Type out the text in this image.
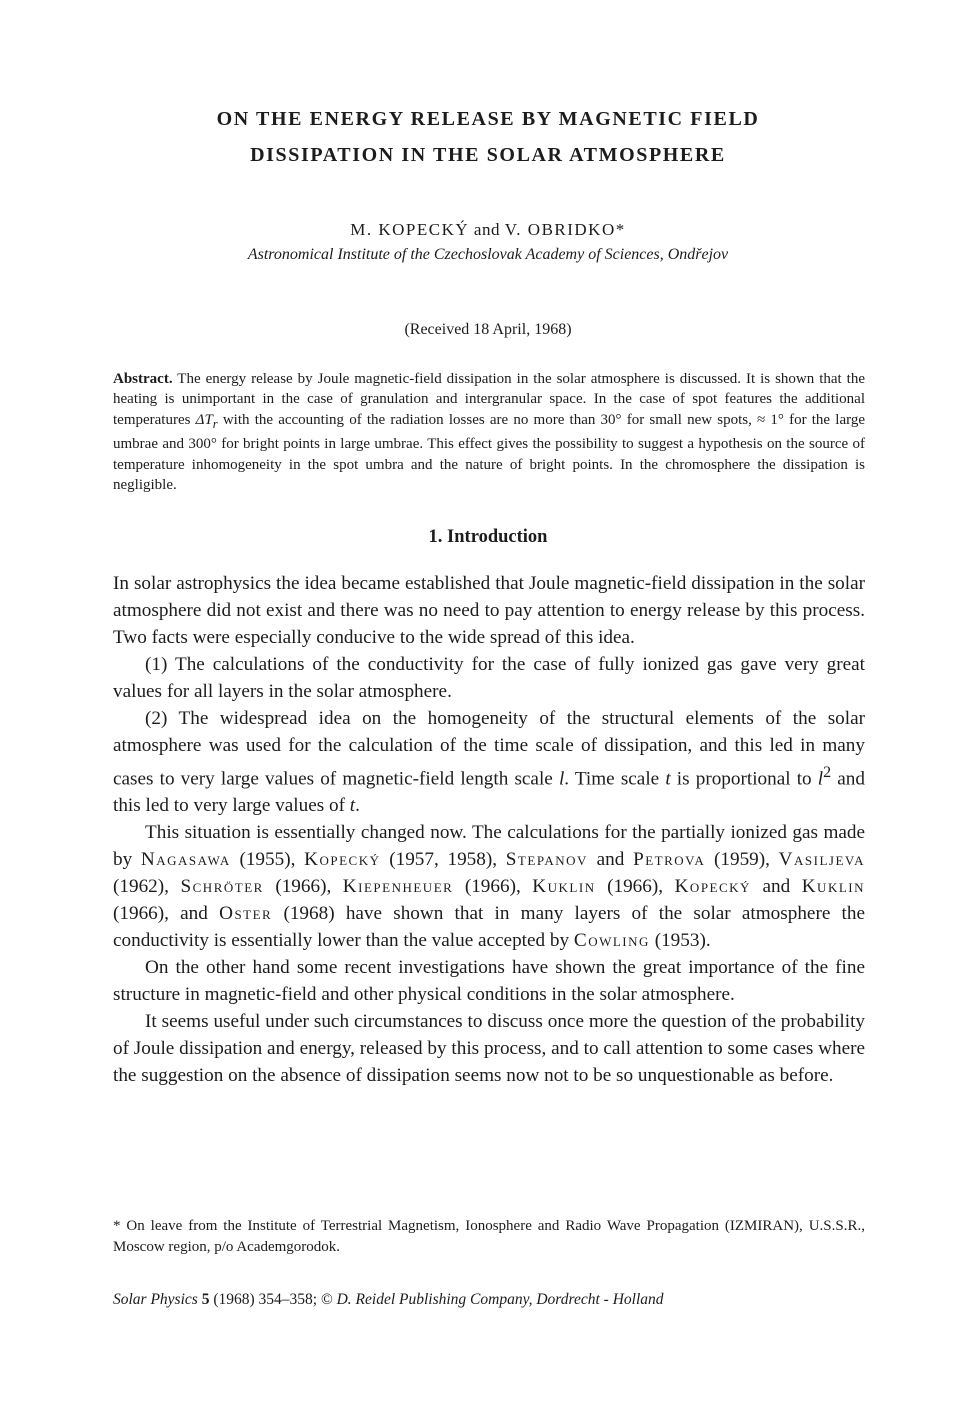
ON THE ENERGY RELEASE BY MAGNETIC FIELD
DISSIPATION IN THE SOLAR ATMOSPHERE
M. KOPECKÝ and V. OBRIDKO*
Astronomical Institute of the Czechoslovak Academy of Sciences, Ondřejov
(Received 18 April, 1968)
Abstract. The energy release by Joule magnetic-field dissipation in the solar atmosphere is discussed. It is shown that the heating is unimportant in the case of granulation and intergranular space. In the case of spot features the additional temperatures $\Delta T_r$ with the accounting of the radiation losses are no more than 30° for small new spots, ≈ 1° for the large umbrae and 300° for bright points in large umbrae. This effect gives the possibility to suggest a hypothesis on the source of temperature inhomogeneity in the spot umbra and the nature of bright points. In the chromosphere the dissipation is negligible.
1. Introduction

In solar astrophysics the idea became established that Joule magnetic-field dissipation in the solar atmosphere did not exist and there was no need to pay attention to energy release by this process. Two facts were especially conducive to the wide spread of this idea.

(1) The calculations of the conductivity for the case of fully ionized gas gave very great values for all layers in the solar atmosphere.

(2) The widespread idea on the homogeneity of the structural elements of the solar atmosphere was used for the calculation of the time scale of dissipation, and this led in many cases to very large values of magnetic-field length scale l. Time scale t is proportional to $l^2$ and this led to very large values of t.

This situation is essentially changed now. The calculations for the partially ionized gas made by Nagasawa (1955), Kopecký (1957, 1958), Stepanov and Petrova (1959), Vasiljeva (1962), Schröter (1966), Kiepenheuer (1966), Kuklin (1966), Kopecký and Kuklin (1966), and Oster (1968) have shown that in many layers of the solar atmosphere the conductivity is essentially lower than the value accepted by Cowling (1953).

On the other hand some recent investigations have shown the great importance of the fine structure in magnetic-field and other physical conditions in the solar atmosphere.

It seems useful under such circumstances to discuss once more the question of the probability of Joule dissipation and energy, released by this process, and to call attention to some cases where the suggestion on the absence of dissipation seems now not to be so unquestionable as before.

* On leave from the Institute of Terrestrial Magnetism, Ionosphere and Radio Wave Propagation (IZMIRAN), U.S.S.R., Moscow region, p/o Academgorodok.
Solar Physics 5 (1968) 354–358; © D. Reidel Publishing Company, Dordrecht - Holland
